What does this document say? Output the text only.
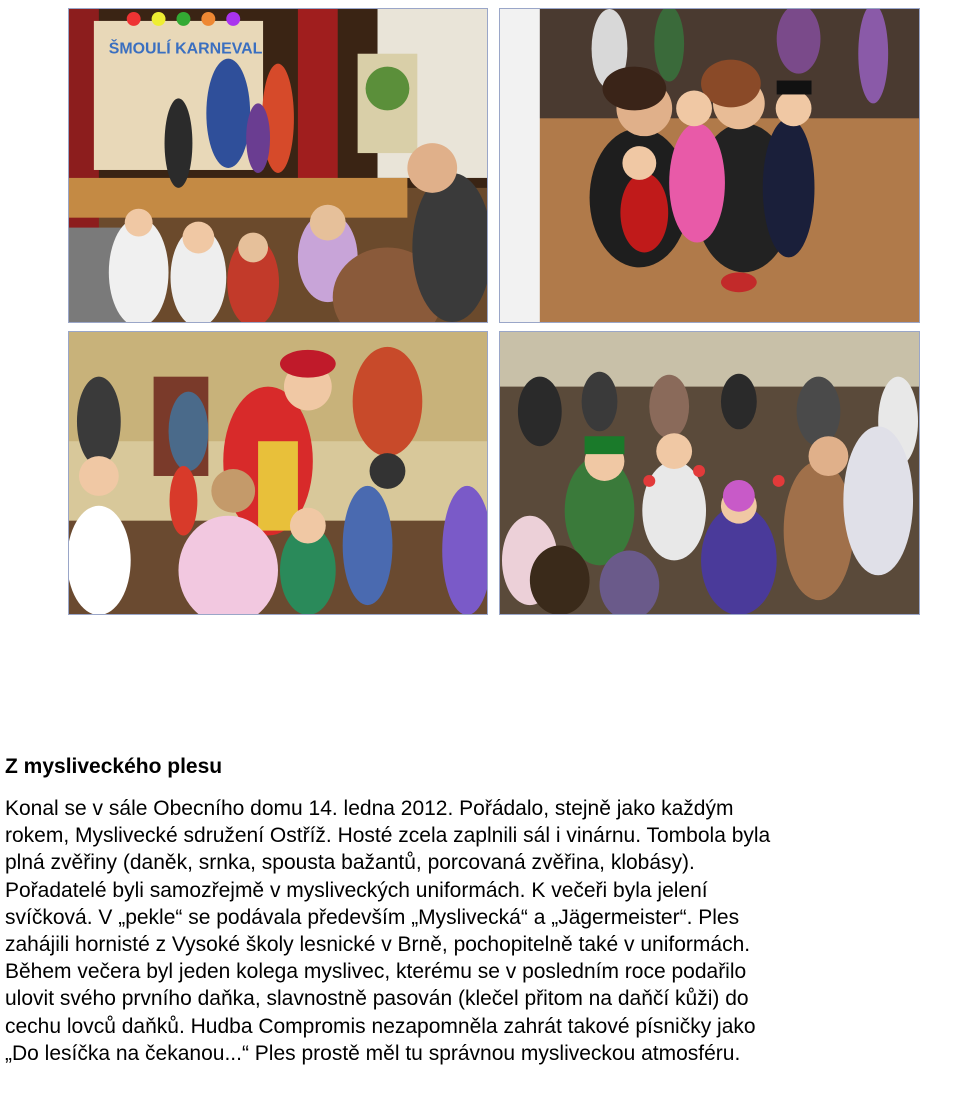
ŠMOULÍ KARNEVAL
Z mysliveckého plesu

Konal se v sále Obecního domu 14. ledna 2012. Pořádalo, stejně jako každým
rokem, Myslivecké sdružení Ostříž. Hosté zcela zaplnili sál i vinárnu. Tombola byla
plná zvěřiny (daněk, srnka, spousta bažantů, porcovaná zvěřina, klobásy).
Pořadatelé byli samozřejmě v mysliveckých uniformách. K večeři byla jelení
svíčková. V „pekle“ se podávala především „Myslivecká“ a „Jägermeister“. Ples
zahájili hornisté z Vysoké školy lesnické v Brně, pochopitelně také v uniformách.
Během večera byl jeden kolega myslivec, kterému se v posledním roce podařilo
ulovit svého prvního daňka, slavnostně pasován (klečel přitom na daňčí kůži) do
cechu lovců daňků. Hudba Compromis nezapomněla zahrát takové písničky jako
„Do lesíčka na čekanou...“ Ples prostě měl tu správnou mysliveckou atmosféru.
